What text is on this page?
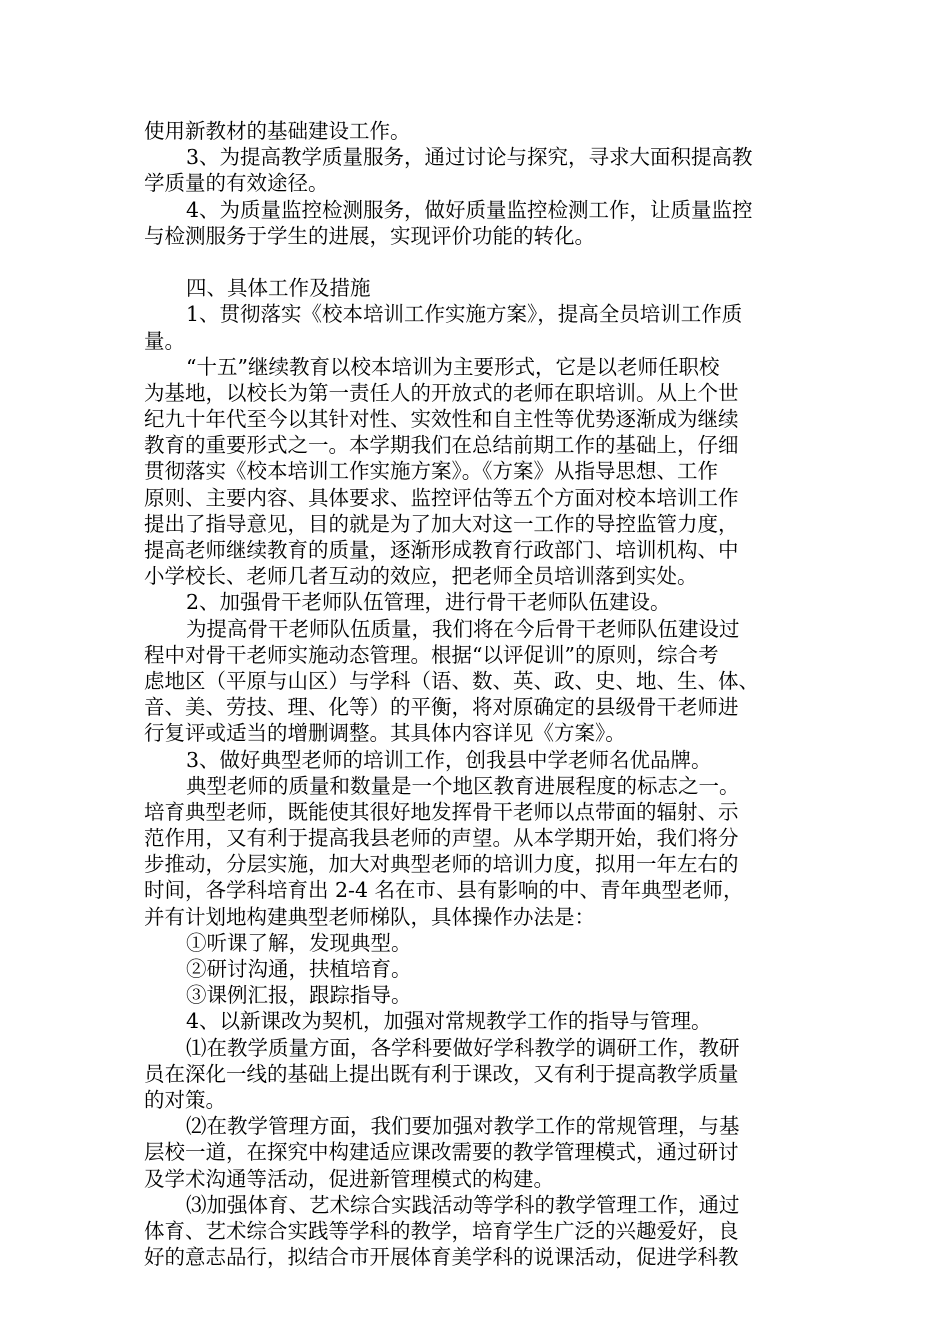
使用新教材的基础建设工作。
3、为提高教学质量服务，通过讨论与探究，寻求大面积提高教
学质量的有效途径。
4、为质量监控检测服务，做好质量监控检测工作，让质量监控
与检测服务于学生的进展，实现评价功能的转化。
四、具体工作及措施
1、贯彻落实《校本培训工作实施方案》，提高全员培训工作质
量。
“十五”继续教育以校本培训为主要形式，它是以老师任职校
为基地，以校长为第一责任人的开放式的老师在职培训。从上个世
纪九十年代至今以其针对性、实效性和自主性等优势逐渐成为继续
教育的重要形式之一。本学期我们在总结前期工作的基础上，仔细
贯彻落实《校本培训工作实施方案》。《方案》从指导思想、工作
原则、主要内容、具体要求、监控评估等五个方面对校本培训工作
提出了指导意见，目的就是为了加大对这一工作的导控监管力度，
提高老师继续教育的质量，逐渐形成教育行政部门、培训机构、中
小学校长、老师几者互动的效应，把老师全员培训落到实处。
2、加强骨干老师队伍管理，进行骨干老师队伍建设。
为提高骨干老师队伍质量，我们将在今后骨干老师队伍建设过
程中对骨干老师实施动态管理。根据“以评促训”的原则，综合考
虑地区（平原与山区）与学科（语、数、英、政、史、地、生、体、
音、美、劳技、理、化等）的平衡，将对原确定的县级骨干老师进
行复评或适当的增删调整。其具体内容详见《方案》。
3、做好典型老师的培训工作，创我县中学老师名优品牌。
典型老师的质量和数量是一个地区教育进展程度的标志之一。
培育典型老师，既能使其很好地发挥骨干老师以点带面的辐射、示
范作用，又有利于提高我县老师的声望。从本学期开始，我们将分
步推动，分层实施，加大对典型老师的培训力度，拟用一年左右的
时间，各学科培育出 2-4 名在市、县有影响的中、青年典型老师，
并有计划地构建典型老师梯队，具体操作办法是：
①听课了解，发现典型。
②研讨沟通，扶植培育。
③课例汇报，跟踪指导。
4、以新课改为契机，加强对常规教学工作的指导与管理。
⑴在教学质量方面，各学科要做好学科教学的调研工作，教研
员在深化一线的基础上提出既有利于课改，又有利于提高教学质量
的对策。
⑵在教学管理方面，我们要加强对教学工作的常规管理，与基
层校一道，在探究中构建适应课改需要的教学管理模式，通过研讨
及学术沟通等活动，促进新管理模式的构建。
⑶加强体育、艺术综合实践活动等学科的教学管理工作，通过
体育、艺术综合实践等学科的教学，培育学生广泛的兴趣爱好，良
好的意志品行，拟结合市开展体育美学科的说课活动，促进学科教
